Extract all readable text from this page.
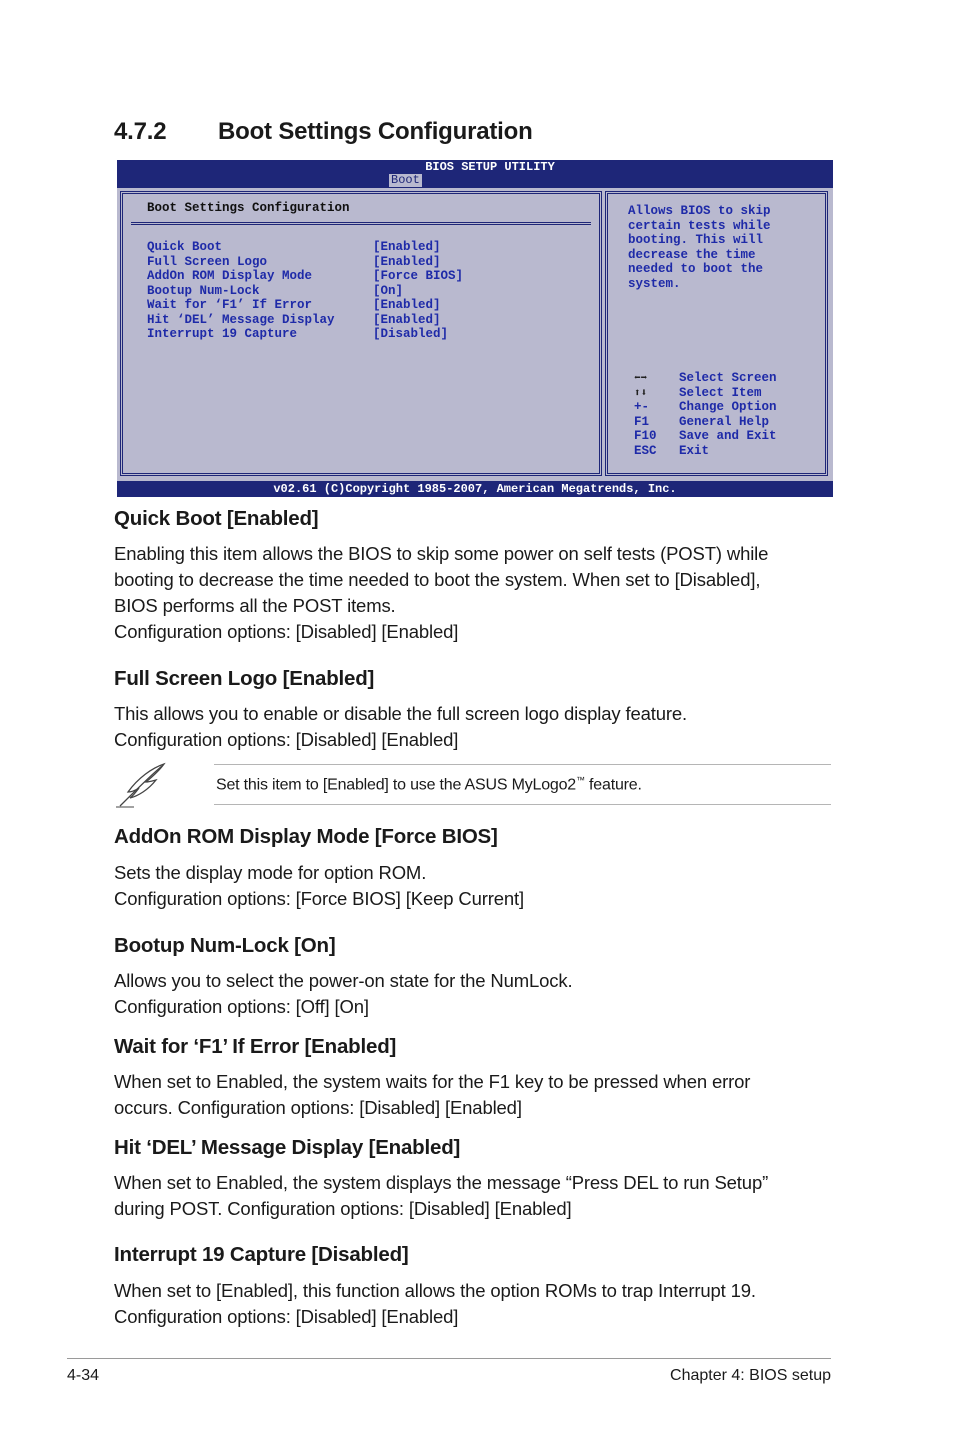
4.7.2 Boot Settings Configuration
BIOS SETUP UTILITY
Boot
Boot Settings Configuration
Quick Boot	[Enabled]
Full Screen Logo	[Enabled]
AddOn ROM Display Mode	[Force BIOS]
Bootup Num-Lock	[On]
Wait for ‘F1’ If Error	[Enabled]
Hit ‘DEL’ Message Display	[Enabled]
Interrupt 19 Capture	[Disabled]
Allows BIOS to skip
certain tests while
booting. This will
decrease the time
needed to boot the
system.
⬅➡	Select Screen
⬆⬇	Select Item
+-	Change Option
F1	General Help
F10	Save and Exit
ESC	Exit
v02.61 (C)Copyright 1985-2007, American Megatrends, Inc.
Quick Boot [Enabled]

Enabling this item allows the BIOS to skip some power on self tests (POST) while
booting to decrease the time needed to boot the system. When set to [Disabled],
BIOS performs all the POST items.
Configuration options: [Disabled] [Enabled]

Full Screen Logo [Enabled]

This allows you to enable or disable the full screen logo display feature.
Configuration options: [Disabled] [Enabled]

Set this item to [Enabled] to use the ASUS MyLogo2™ feature.
AddOn ROM Display Mode [Force BIOS]

Sets the display mode for option ROM.
Configuration options: [Force BIOS] [Keep Current]

Bootup Num-Lock [On]

Allows you to select the power-on state for the NumLock.
Configuration options: [Off] [On]

Wait for ‘F1’ If Error [Enabled]

When set to Enabled, the system waits for the F1 key to be pressed when error
occurs. Configuration options: [Disabled] [Enabled]

Hit ‘DEL’ Message Display [Enabled]

When set to Enabled, the system displays the message “Press DEL to run Setup”
during POST. Configuration options: [Disabled] [Enabled]

Interrupt 19 Capture [Disabled]

When set to [Enabled], this function allows the option ROMs to trap Interrupt 19.
Configuration options: [Disabled] [Enabled]

4-34	Chapter 4: BIOS setup
